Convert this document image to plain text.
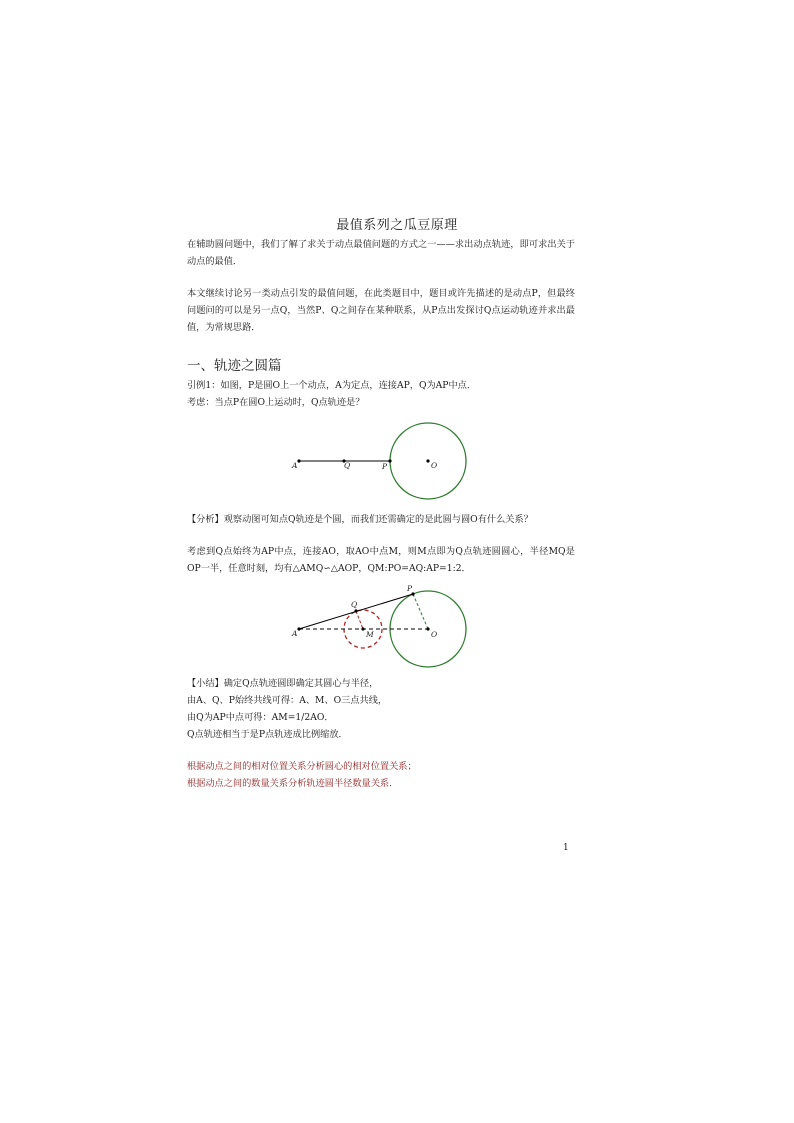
最值系列之瓜豆原理

在辅助圆问题中，我们了解了求关于动点最值问题的方式之一——求出动点轨迹，即可求出关于动点的最值．

本文继续讨论另一类动点引发的最值问题，在此类题目中，题目或许先描述的是动点P，但最终问题问的可以是另一点Q，当然P、Q之间存在某种联系，从P点出发探讨Q点运动轨迹并求出最值，为常规思路．

一、轨迹之圆篇
引例1：如图，P是圆O上一个动点，A为定点，连接AP，Q为AP中点．
考虑：当点P在圆O上运动时，Q点轨迹是？
A	Q	P	O
【分析】观察动图可知点Q轨迹是个圆，而我们还需确定的是此圆与圆O有什么关系？

考虑到Q点始终为AP中点，连接AO，取AO中点M，则M点即为Q点轨迹圆圆心，半径MQ是OP一半，任意时刻，均有△AMQ∽△AOP，QM:PO=AQ:AP=1:2．

A
Q
M
P
O
【小结】确定Q点轨迹圆即确定其圆心与半径，
由A、Q、P始终共线可得：A、M、O三点共线，
由Q为AP中点可得：AM=1/2AO．
Q点轨迹相当于是P点轨迹成比例缩放．
根据动点之间的相对位置关系分析圆心的相对位置关系；
根据动点之间的数量关系分析轨迹圆半径数量关系．
1
